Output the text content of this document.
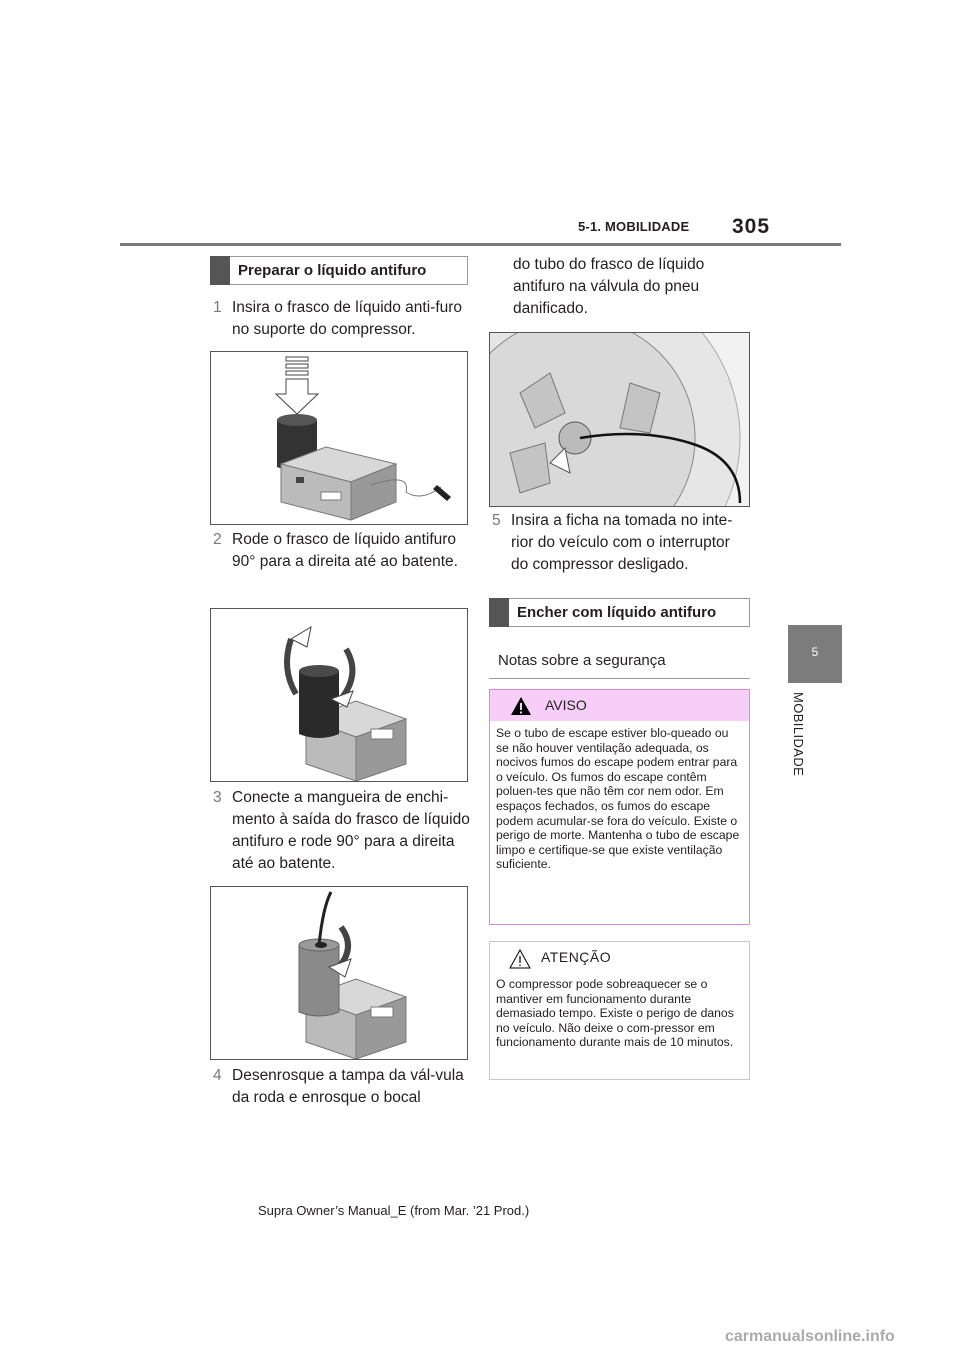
5-1. MOBILIDADE 305
5
MOBILIDADE
Preparar o líquido antifuro
1 Insira o frasco de líquido anti-furo no suporte do compressor.
2 Rode o frasco de líquido antifuro 90° para a direita até ao batente.
3 Conecte a mangueira de enchi-mento à saída do frasco de líquido antifuro e rode 90° para a direita até ao batente.
4 Desenrosque a tampa da vál-vula da roda e enrosque o bocal
do tubo do frasco de líquido antifuro na válvula do pneu danificado.
5 Insira a ficha na tomada no inte-rior do veículo com o interruptor do compressor desligado.
Encher com líquido antifuro
Notas sobre a segurança
AVISO
Se o tubo de escape estiver blo-queado ou se não houver ventilação adequada, os nocivos fumos do escape podem entrar para o veículo. Os fumos do escape contêm poluen-tes que não têm cor nem odor. Em espaços fechados, os fumos do escape podem acumular-se fora do veículo. Existe o perigo de morte. Mantenha o tubo de escape limpo e certifique-se que existe ventilação suficiente.
ATENÇÃO
O compressor pode sobreaquecer se o mantiver em funcionamento durante demasiado tempo. Existe o perigo de danos no veículo. Não deixe o com-pressor em funcionamento durante mais de 10 minutos.
Supra Owner’s Manual_E (from Mar. ’21 Prod.)
carmanualsonline.info
